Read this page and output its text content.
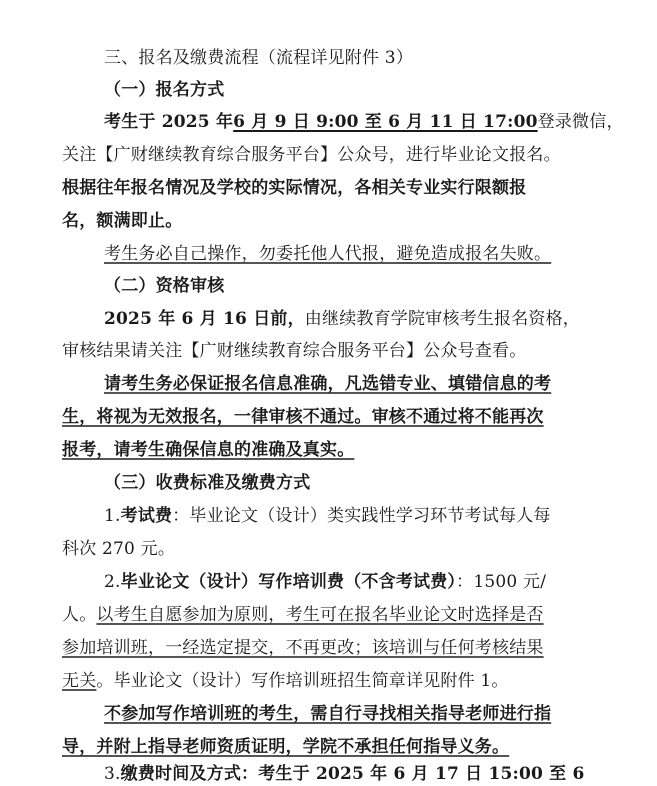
三、报名及缴费流程（流程详见附件 3）
（一）报名方式
考生于 2025 年6 月 9 日 9:00 至 6 月 11 日 17:00登录微信，
关注【广财继续教育综合服务平台】公众号，进行毕业论文报名。
根据往年报名情况及学校的实际情况，各相关专业实行限额报
名，额满即止。
考生务必自己操作，勿委托他人代报，避免造成报名失败。
（二）资格审核
2025 年 6 月 16 日前，由继续教育学院审核考生报名资格，
审核结果请关注【广财继续教育综合服务平台】公众号查看。
请考生务必保证报名信息准确，凡选错专业、填错信息的考
生，将视为无效报名，一律审核不通过。审核不通过将不能再次
报考，请考生确保信息的准确及真实。
（三）收费标准及缴费方式
1.考试费：毕业论文（设计）类实践性学习环节考试每人每
科次 270 元。
2.毕业论文（设计）写作培训费（不含考试费）：1500 元/
人。以考生自愿参加为原则，考生可在报名毕业论文时选择是否
参加培训班，一经选定提交，不再更改；该培训与任何考核结果
无关。毕业论文（设计）写作培训班招生简章详见附件 1。
不参加写作培训班的考生，需自行寻找相关指导老师进行指
导，并附上指导老师资质证明，学院不承担任何指导义务。
3.缴费时间及方式：考生于 2025 年 6 月 17 日 15:00 至 6
